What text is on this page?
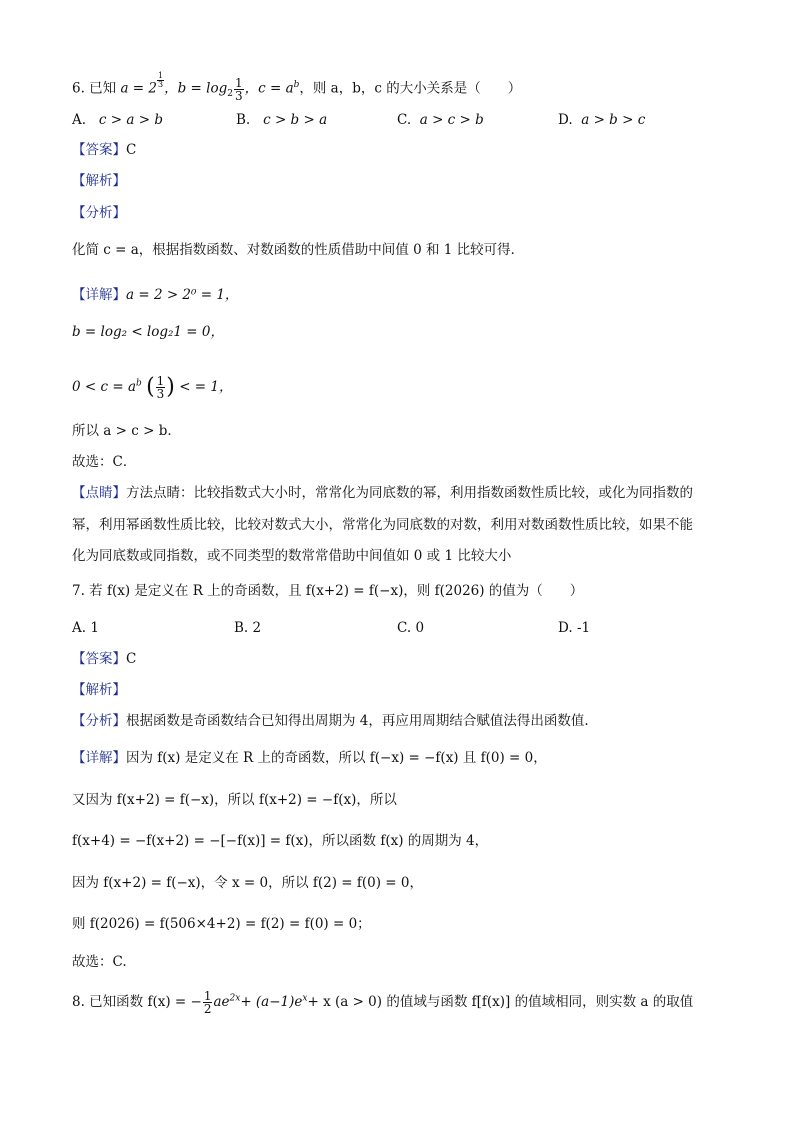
6. 已知 $a = 2 \frac{1}{3}$ ，$b = \log_2 \frac{1}{3}$ ，$c = a^b$，则 a，b，c 的大小关系是（　　）
A. c > a > b	B. c > b > a	C. a > c > b	D. a > b > c
【答案】C
【解析】
【分析】
化简 c = a，根据指数函数、对数函数的性质借助中间值 0 和 1 比较可得．
【详解】a = 2 > 2⁰ = 1，
b = log₂ < log₂1 = 0，
$0 < c = a^b$ ( $\frac{1}{3}$ ) < = 1，
所以 a > c > b．
故选：C．
【点睛】方法点睛：比较指数式大小时，常常化为同底数的幂，利用指数函数性质比较，或化为同指数的
幂，利用幂函数性质比较，比较对数式大小，常常化为同底数的对数，利用对数函数性质比较，如果不能
化为同底数或同指数，或不同类型的数常常借助中间值如 0 或 1 比较大小
7. 若 f(x) 是定义在 R 上的奇函数，且 f(x+2) = f(−x)，则 f(2026) 的值为（　　）
A. 1	B. 2	C. 0	D. -1
【答案】C
【解析】
【分析】根据函数是奇函数结合已知得出周期为 4，再应用周期结合赋值法得出函数值.
【详解】因为 f(x) 是定义在 R 上的奇函数，所以 f(−x) = −f(x) 且 f(0) = 0，
又因为 f(x+2) = f(−x)，所以 f(x+2) = −f(x)，所以
f(x+4) = −f(x+2) = −[−f(x)] = f(x)，所以函数 f(x) 的周期为 4，
因为 f(x+2) = f(−x)，令 x = 0，所以 f(2) = f(0) = 0，
则 f(2026) = f(506×4+2) = f(2) = f(0) = 0；
故选：C.
8. 已知函数 f(x) = − $\frac{1}{2} ae^{2x}+ (a-1)e^x+ x$ (a > 0) 的值域与函数 f[f(x)] 的值域相同，则实数 a 的取值
